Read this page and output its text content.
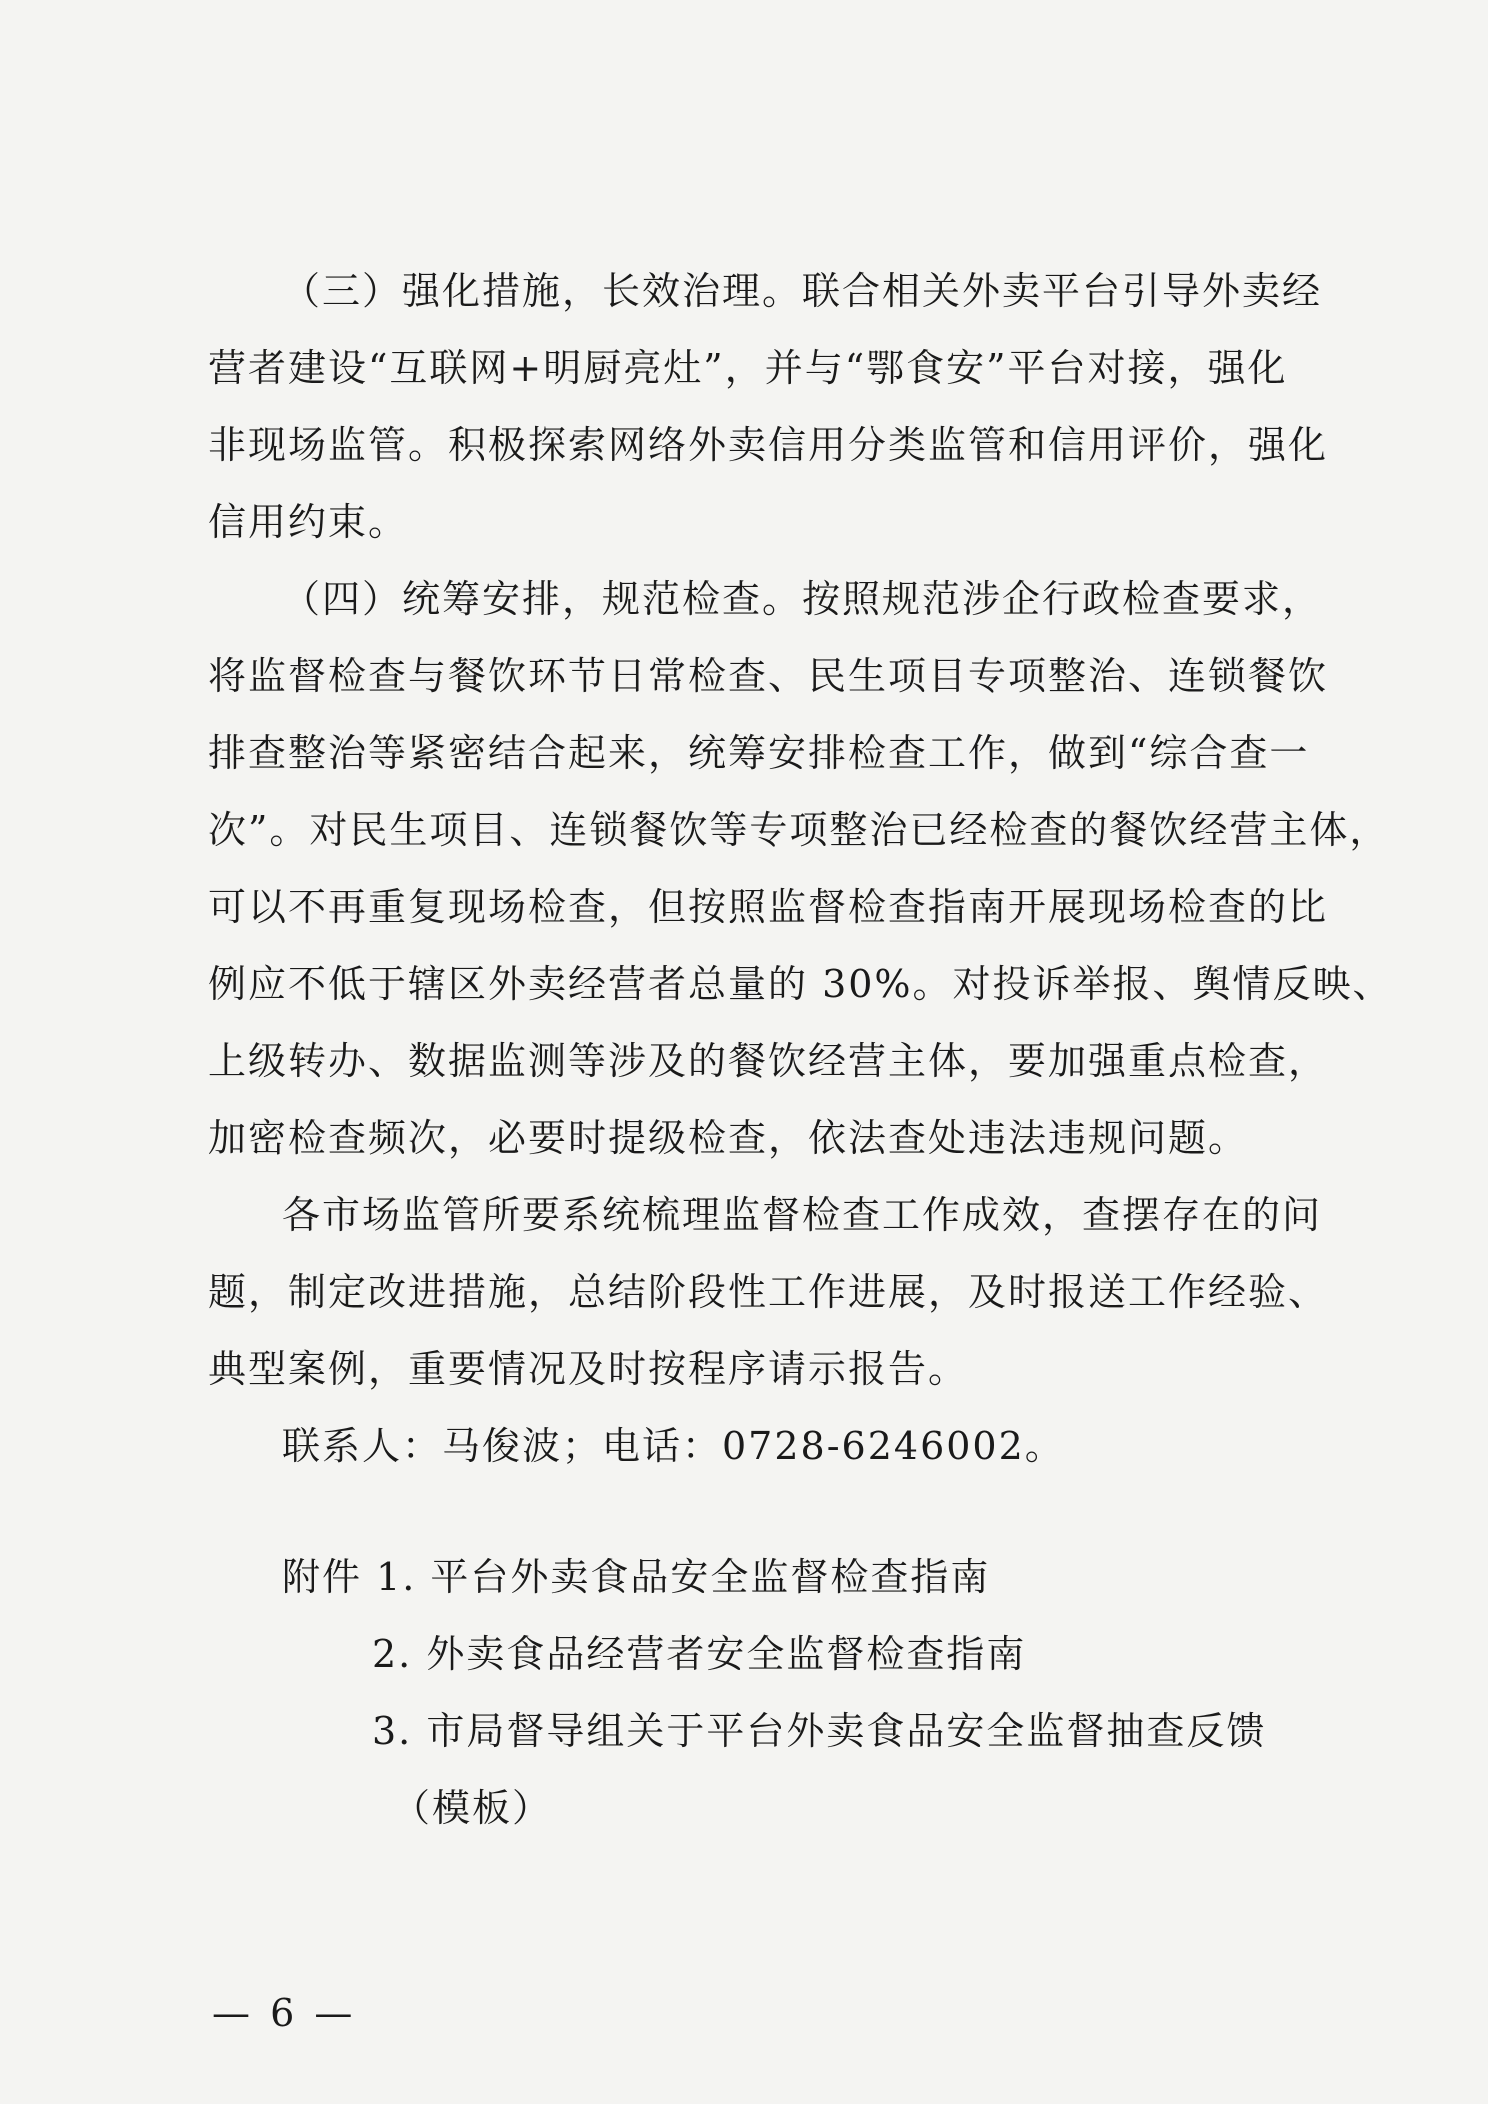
（三）强化措施，长效治理。联合相关外卖平台引导外卖经
营者建设“互联网+明厨亮灶”，并与“鄂食安”平台对接，强化
非现场监管。积极探索网络外卖信用分类监管和信用评价，强化
信用约束。
（四）统筹安排，规范检查。按照规范涉企行政检查要求，
将监督检查与餐饮环节日常检查、民生项目专项整治、连锁餐饮
排查整治等紧密结合起来，统筹安排检查工作，做到“综合查一
次”。对民生项目、连锁餐饮等专项整治已经检查的餐饮经营主体，
可以不再重复现场检查，但按照监督检查指南开展现场检查的比
例应不低于辖区外卖经营者总量的 30%。对投诉举报、舆情反映、
上级转办、数据监测等涉及的餐饮经营主体，要加强重点检查，
加密检查频次，必要时提级检查，依法查处违法违规问题。
各市场监管所要系统梳理监督检查工作成效，查摆存在的问
题，制定改进措施，总结阶段性工作进展，及时报送工作经验、
典型案例，重要情况及时按程序请示报告。
联系人：马俊波；电话：0728-6246002。
附件 1. 平台外卖食品安全监督检查指南
2. 外卖食品经营者安全监督检查指南
3. 市局督导组关于平台外卖食品安全监督抽查反馈
（模板）
— 6 —
